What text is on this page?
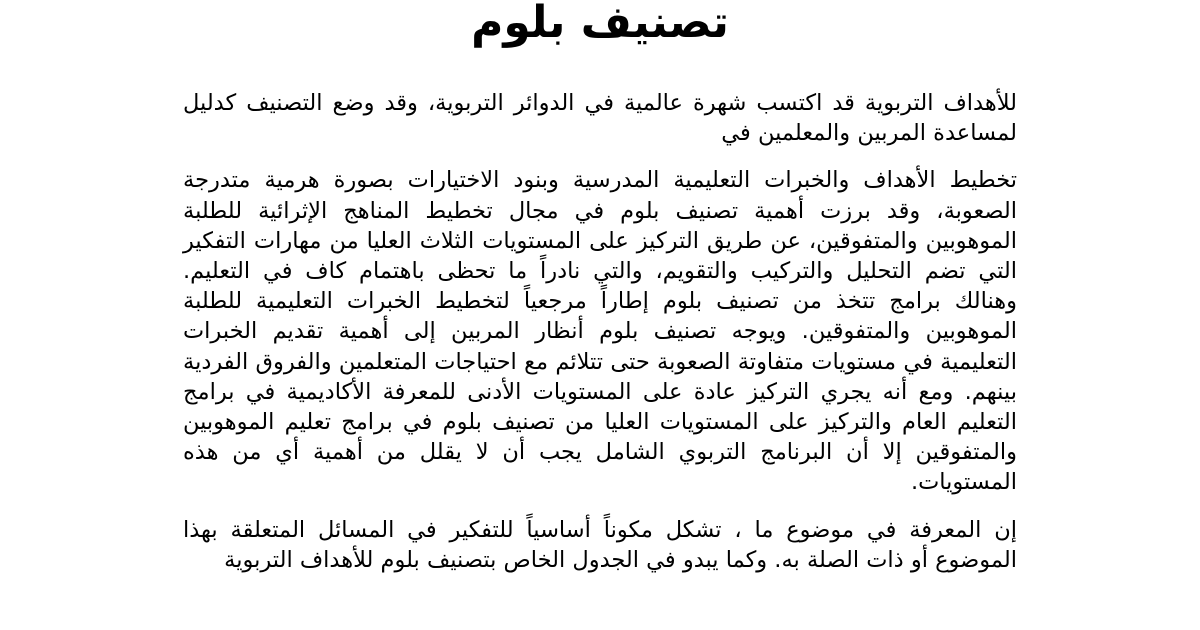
تصنيف بلوم

للأهداف التربوية قد اكتسب شهرة عالمية في الدوائر التربوية، وقد وضع التصنيف كدليل لمساعدة المربين والمعلمين في

تخطيط الأهداف والخبرات التعليمية المدرسية وبنود الاختيارات بصورة هرمية متدرجة الصعوبة، وقد برزت أهمية تصنيف بلوم في مجال تخطيط المناهج الإثرائية للطلبة الموهوبين والمتفوقين، عن طريق التركيز على المستويات الثلاث العليا من مهارات التفكير التي تضم التحليل والتركيب والتقويم، والتي نادراً ما تحظى باهتمام كاف في التعليم. وهنالك برامج تتخذ من تصنيف بلوم إطاراً مرجعياً لتخطيط الخبرات التعليمية للطلبة الموهوبين والمتفوقين. ويوجه تصنيف بلوم أنظار المربين إلى أهمية تقديم الخبرات التعليمية في مستويات متفاوتة الصعوبة حتى تتلائم مع احتياجات المتعلمين والفروق الفردية بينهم. ومع أنه يجري التركيز عادة على المستويات الأدنى للمعرفة الأكاديمية في برامج التعليم العام والتركيز على المستويات العليا من تصنيف بلوم في برامج تعليم الموهوبين والمتفوقين إلا أن البرنامج التربوي الشامل يجب أن لا يقلل من أهمية أي من هذه المستويات.

إن المعرفة في موضوع ما ، تشكل مكوناً أساسياً للتفكير في المسائل المتعلقة بهذا الموضوع أو ذات الصلة به. وكما يبدو في الجدول الخاص بتصنيف بلوم للأهداف التربوية
